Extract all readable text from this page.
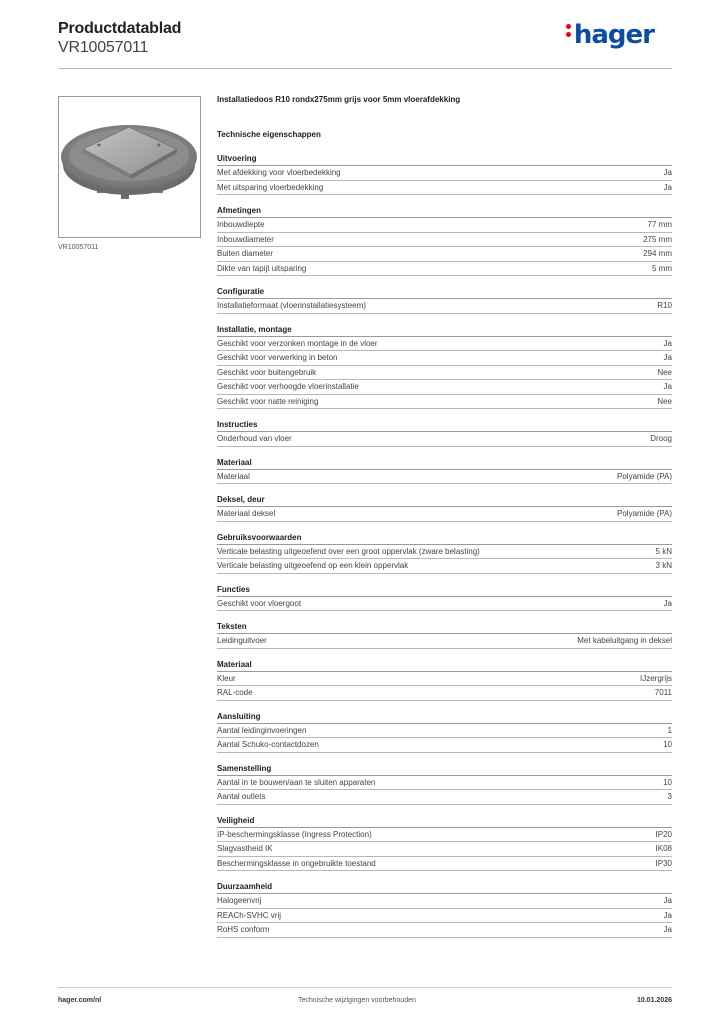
Productdatablad
VR10057011	hager
VR10057011
Installatiedoos R10 rondx275mm grijs voor 5mm vloerafdekking
Technische eigenschappen
Uitvoering
Met afdekking voor vloerbedekking	Ja
Met uitsparing vloerbedekking	Ja
Afmetingen
Inbouwdiepte	77 mm
Inbouwdiameter	275 mm
Buiten diameter	294 mm
Dikte van tapijt uitsparing	5 mm
Configuratie
Installatieformaat (vloerinstallatiesysteem)	R10
Installatie, montage
Geschikt voor verzonken montage in de vloer	Ja
Geschikt voor verwerking in beton	Ja
Geschikt voor buitengebruik	Nee
Geschikt voor verhoogde vloerinstallatie	Ja
Geschikt voor natte reiniging	Nee
Instructies
Onderhoud van vloer	Droog
Materiaal
Materiaal	Polyamide (PA)
Deksel, deur
Materiaal deksel	Polyamide (PA)
Gebruiksvoorwaarden
Verticale belasting uitgeoefend over een groot oppervlak (zware belasting)	5 kN
Verticale belasting uitgeoefend op een klein oppervlak	3 kN
Functies
Geschikt voor vloergoot	Ja
Teksten
Leidinguitvoer	Met kabeluitgang in deksel
Materiaal
Kleur	IJzergrijs
RAL-code	7011
Aansluiting
Aantal leidinginvoeringen	1
Aantal Schuko-contactdozen	10
Samenstelling
Aantal in te bouwen/aan te sluiten apparaten	10
Aantal outlets	3
Veiligheid
IP-beschermingsklasse (Ingress Protection)	IP20
Slagvastheid IK	IK08
Beschermingsklasse in ongebruikte toestand	IP30
Duurzaamheid
Halogeenvrij	Ja
REACh-SVHC vrij	Ja
RoHS conform	Ja
hager.com/nl	Technische wijzigingen voorbehouden	10.01.2026
